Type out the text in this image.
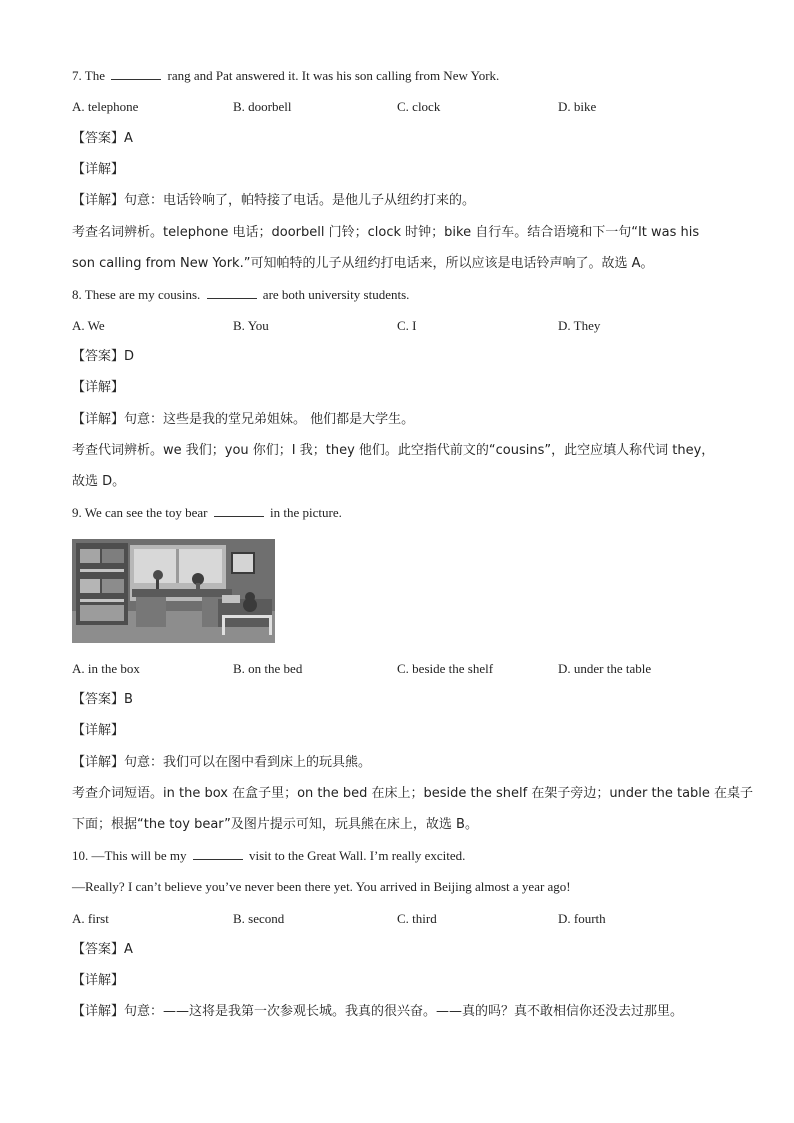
7. The	rang and Pat answered it. It was his son calling from New York.
A. telephone	B. doorbell	C. clock	D. bike
【答案】A
【详解】
【详解】句意：电话铃响了，帕特接了电话。是他儿子从纽约打来的。
考查名词辨析。telephone 电话；doorbell 门铃；clock 时钟；bike 自行车。结合语境和下一句“It was his
son calling from New York.”可知帕特的儿子从纽约打电话来，所以应该是电话铃声响了。故选 A。
8. These are my cousins.	are both university students.
A. We	B. You	C. I	D. They
【答案】D
【详解】
【详解】句意：这些是我的堂兄弟姐妹。 他们都是大学生。
考查代词辨析。we 我们；you 你们；I 我；they 他们。此空指代前文的“cousins”，此空应填人称代词 they，
故选 D。
9. We can see the toy bear	in the picture.
A. in the box	B. on the bed	C. beside the shelf	D. under the table
【答案】B
【详解】
【详解】句意：我们可以在图中看到床上的玩具熊。
考查介词短语。in the box 在盒子里；on the bed 在床上；beside the shelf 在架子旁边；under the table 在桌子
下面；根据“the toy bear”及图片提示可知，玩具熊在床上，故选 B。
10. —This will be my	visit to the Great Wall. I’m really excited.
—Really? I can’t believe you’ve never been there yet. You arrived in Beijing almost a year ago!
A. first	B. second	C. third	D. fourth
【答案】A
【详解】
【详解】句意：——这将是我第一次参观长城。我真的很兴奋。——真的吗？真不敢相信你还没去过那里。
